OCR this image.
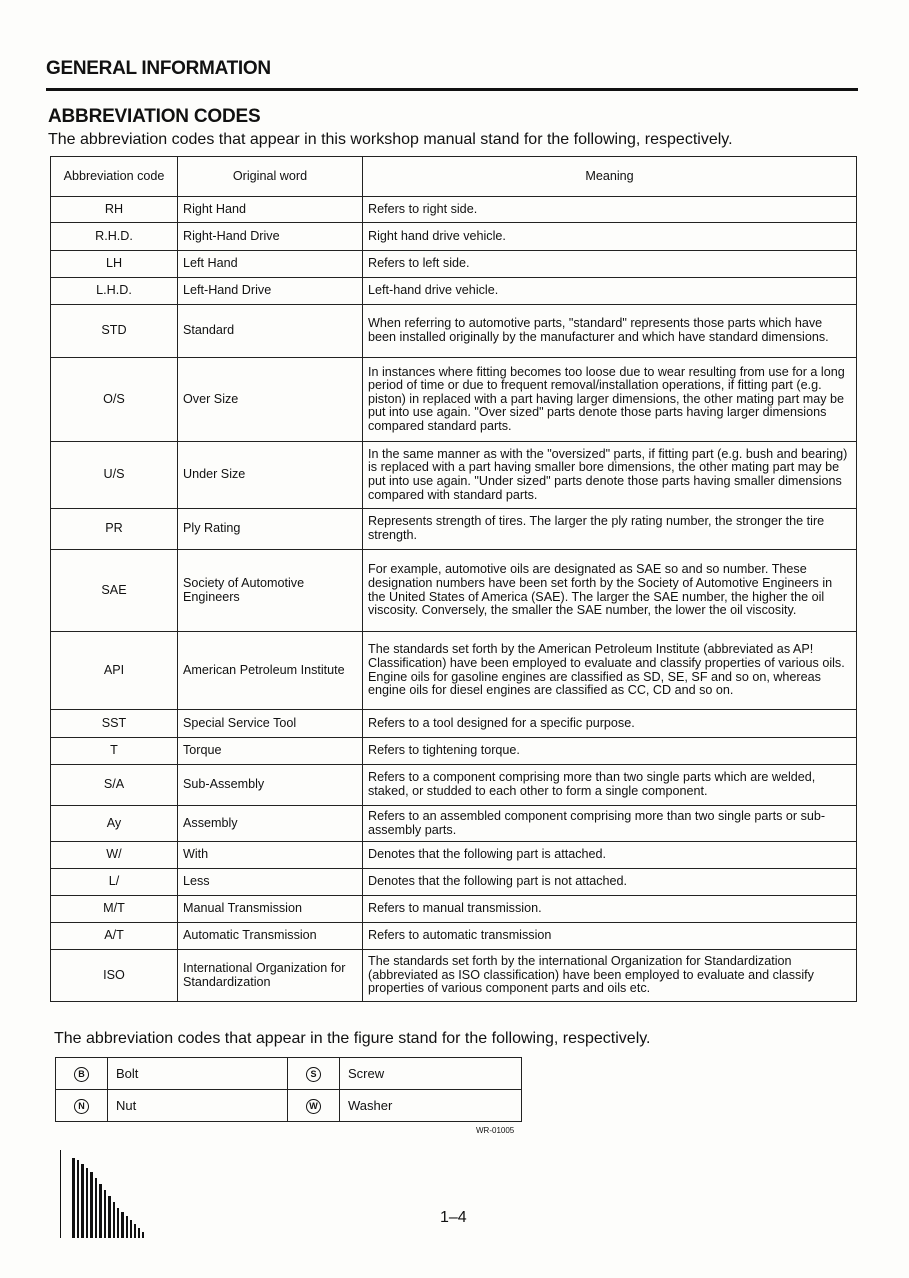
GENERAL INFORMATION
ABBREVIATION CODES
The abbreviation codes that appear in this workshop manual stand for the following, respectively.
Abbreviation code	Original word	Meaning
RH	Right Hand	Refers to right side.
R.H.D.	Right-Hand Drive	Right hand drive vehicle.
LH	Left Hand	Refers to left side.
L.H.D.	Left-Hand Drive	Left-hand drive vehicle.
STD	Standard	When referring to automotive parts, "standard" represents those parts which have been installed originally by the manufacturer and which have standard dimensions.
O/S	Over Size	In instances where fitting becomes too loose due to wear resulting from use for a long period of time or due to frequent removal/installation operations, if fitting part (e.g. piston) in replaced with a part having larger dimensions, the other mating part may be put into use again. "Over sized" parts denote those parts having larger dimensions compared standard parts.
U/S	Under Size	In the same manner as with the "oversized" parts, if fitting part (e.g. bush and bearing) is replaced with a part having smaller bore dimensions, the other mating part may be put into use again. "Under sized" parts denote those parts having smaller dimensions compared with standard parts.
PR	Ply Rating	Represents strength of tires. The larger the ply rating number, the stronger the tire strength.
SAE	Society of Automotive Engineers	For example, automotive oils are designated as SAE so and so number. These designation numbers have been set forth by the Society of Automotive Engineers in the United States of America (SAE). The larger the SAE number, the higher the oil viscosity. Conversely, the smaller the SAE number, the lower the oil viscosity.
API	American Petroleum Institute	The standards set forth by the American Petroleum Institute (abbreviated as AP! Classification) have been employed to evaluate and classify properties of various oils. Engine oils for gasoline engines are classified as SD, SE, SF and so on, whereas engine oils for diesel engines are classified as CC, CD and so on.
SST	Special Service Tool	Refers to a tool designed for a specific purpose.
T	Torque	Refers to tightening torque.
S/A	Sub-Assembly	Refers to a component comprising more than two single parts which are welded, staked, or studded to each other to form a single component.
Ay	Assembly	Refers to an assembled component comprising more than two single parts or sub-assembly parts.
W/	With	Denotes that the following part is attached.
L/	Less	Denotes that the following part is not attached.
M/T	Manual Transmission	Refers to manual transmission.
A/T	Automatic Transmission	Refers to automatic transmission
ISO	International Organization for Standardization	The standards set forth by the international Organization for Standardization (abbreviated as ISO classification) have been employed to evaluate and classify properties of various component parts and oils etc.
The abbreviation codes that appear in the figure stand for the following, respectively.
B	Bolt	S	Screw
N	Nut	W	Washer
WR-01005
1–4
